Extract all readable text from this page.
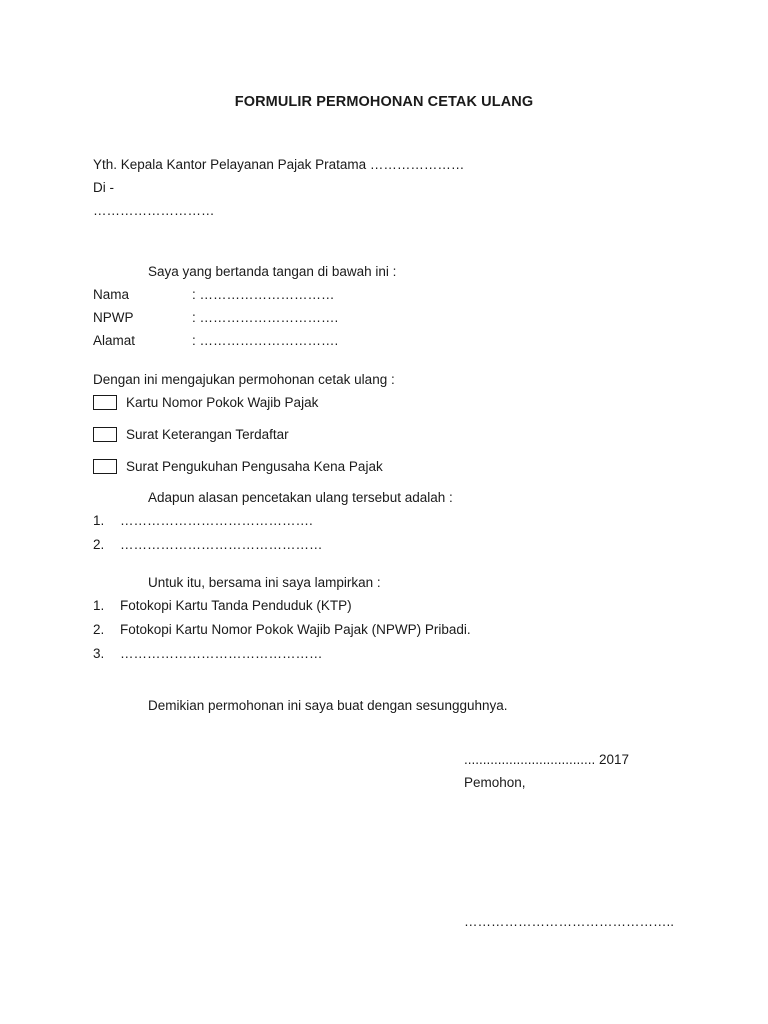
FORMULIR PERMOHONAN CETAK ULANG
Yth. Kepala Kantor Pelayanan Pajak Pratama …………………
Di -
………………………
Saya yang bertanda tangan di bawah ini :
Nama	: …………………………
NPWP	: ………………………….
Alamat	: ………………………….
Dengan ini mengajukan permohonan cetak ulang :
Kartu Nomor Pokok Wajib Pajak
Surat Keterangan Terdaftar
Surat Pengukuhan Pengusaha Kena Pajak
Adapun alasan pencetakan ulang tersebut adalah :
1. …………………………………….
2. ………………………………………
Untuk itu, bersama ini saya lampirkan :
1. Fotokopi Kartu Tanda Penduduk (KTP)
2. Fotokopi Kartu Nomor Pokok Wajib Pajak (NPWP) Pribadi.
3. ………………………………………
Demikian permohonan ini saya buat dengan sesungguhnya.
................................... 2017
Pemohon,
………………………………………..
